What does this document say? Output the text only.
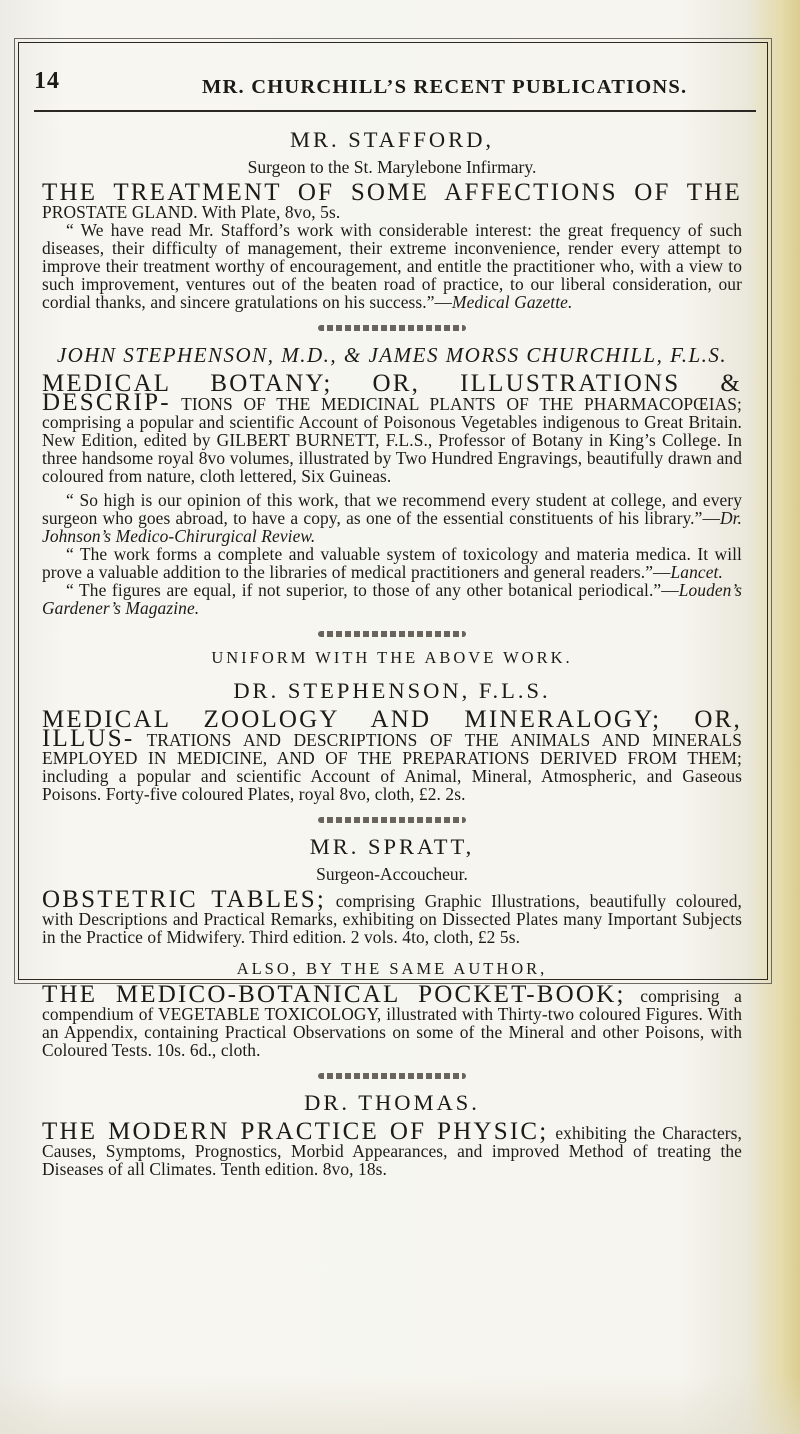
14	MR. CHURCHILL’S RECENT PUBLICATIONS.
MR. STAFFORD,
Surgeon to the St. Marylebone Infirmary.

THE TREATMENT OF SOME AFFECTIONS OF THE PROSTATE GLAND. With Plate, 8vo, 5s.

“ We have read Mr. Stafford’s work with considerable interest: the great frequency of such diseases, their difficulty of management, their extreme inconvenience, render every attempt to improve their treatment worthy of encouragement, and entitle the practitioner who, with a view to such improvement, ventures out of the beaten road of practice, to our liberal consideration, our cordial thanks, and sincere gratulations on his success.”—Medical Gazette.

JOHN STEPHENSON, M.D., & JAMES MORSS CHURCHILL, F.L.S.

MEDICAL BOTANY; OR, ILLUSTRATIONS & DESCRIP- TIONS OF THE MEDICINAL PLANTS OF THE PHARMACOPŒIAS; comprising a popular and scientific Account of Poisonous Vegetables indigenous to Great Britain. New Edition, edited by GILBERT BURNETT, F.L.S., Professor of Botany in King’s College. In three handsome royal 8vo volumes, illustrated by Two Hundred Engravings, beautifully drawn and coloured from nature, cloth lettered, Six Guineas.

“ So high is our opinion of this work, that we recommend every student at college, and every surgeon who goes abroad, to have a copy, as one of the essential constituents of his library.”—Dr. Johnson’s Medico-Chirurgical Review.

“ The work forms a complete and valuable system of toxicology and materia medica. It will prove a valuable addition to the libraries of medical practitioners and general readers.”—Lancet.

“ The figures are equal, if not superior, to those of any other botanical periodical.”—Louden’s Gardener’s Magazine.

UNIFORM WITH THE ABOVE WORK.
DR. STEPHENSON, F.L.S.

MEDICAL ZOOLOGY AND MINERALOGY; OR, ILLUS- TRATIONS AND DESCRIPTIONS OF THE ANIMALS AND MINERALS EMPLOYED IN MEDICINE, AND OF THE PREPARATIONS DERIVED FROM THEM; including a popular and scientific Account of Animal, Mineral, Atmospheric, and Gaseous Poisons. Forty-five coloured Plates, royal 8vo, cloth, £2. 2s.

MR. SPRATT,
Surgeon-Accoucheur.

OBSTETRIC TABLES; comprising Graphic Illustrations, beautifully coloured, with Descriptions and Practical Remarks, exhibiting on Dissected Plates many Important Subjects in the Practice of Midwifery. Third edition. 2 vols. 4to, cloth, £2 5s.

ALSO, BY THE SAME AUTHOR,

THE MEDICO-BOTANICAL POCKET-BOOK; comprising a compendium of VEGETABLE TOXICOLOGY, illustrated with Thirty-two coloured Figures. With an Appendix, containing Practical Observations on some of the Mineral and other Poisons, with Coloured Tests. 10s. 6d., cloth.

DR. THOMAS.

THE MODERN PRACTICE OF PHYSIC; exhibiting the Characters, Causes, Symptoms, Prognostics, Morbid Appearances, and improved Method of treating the Diseases of all Climates. Tenth edition. 8vo, 18s.
